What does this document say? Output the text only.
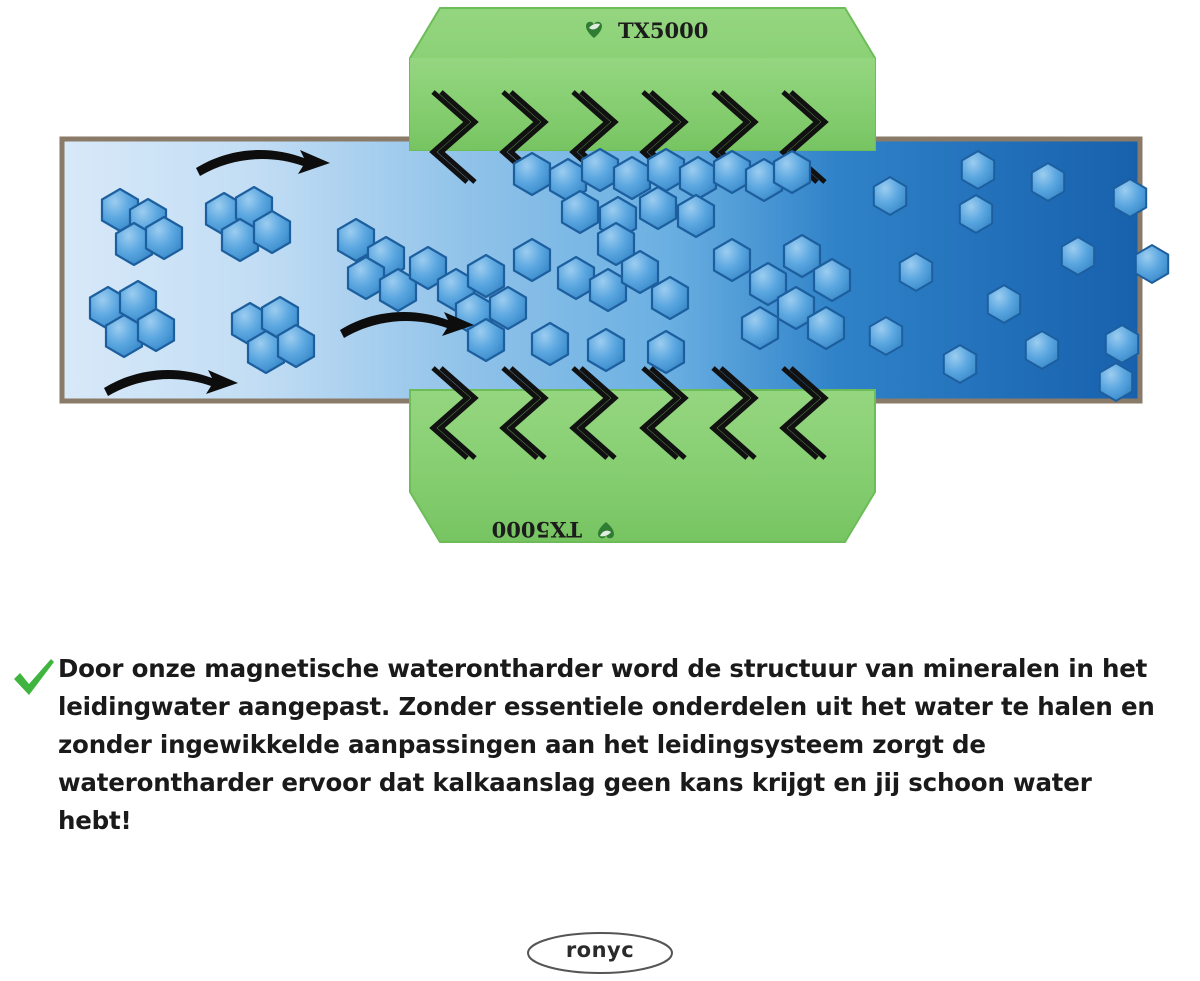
TX5000
TX5000
Door onze magnetische waterontharder word de structuur van mineralen in het leidingwater aangepast. Zonder essentiele onderdelen uit het water te halen en zonder ingewikkelde aanpassingen aan het leidingsysteem zorgt de waterontharder ervoor dat kalkaanslag geen kans krijgt en jij schoon water hebt!
ronyc
